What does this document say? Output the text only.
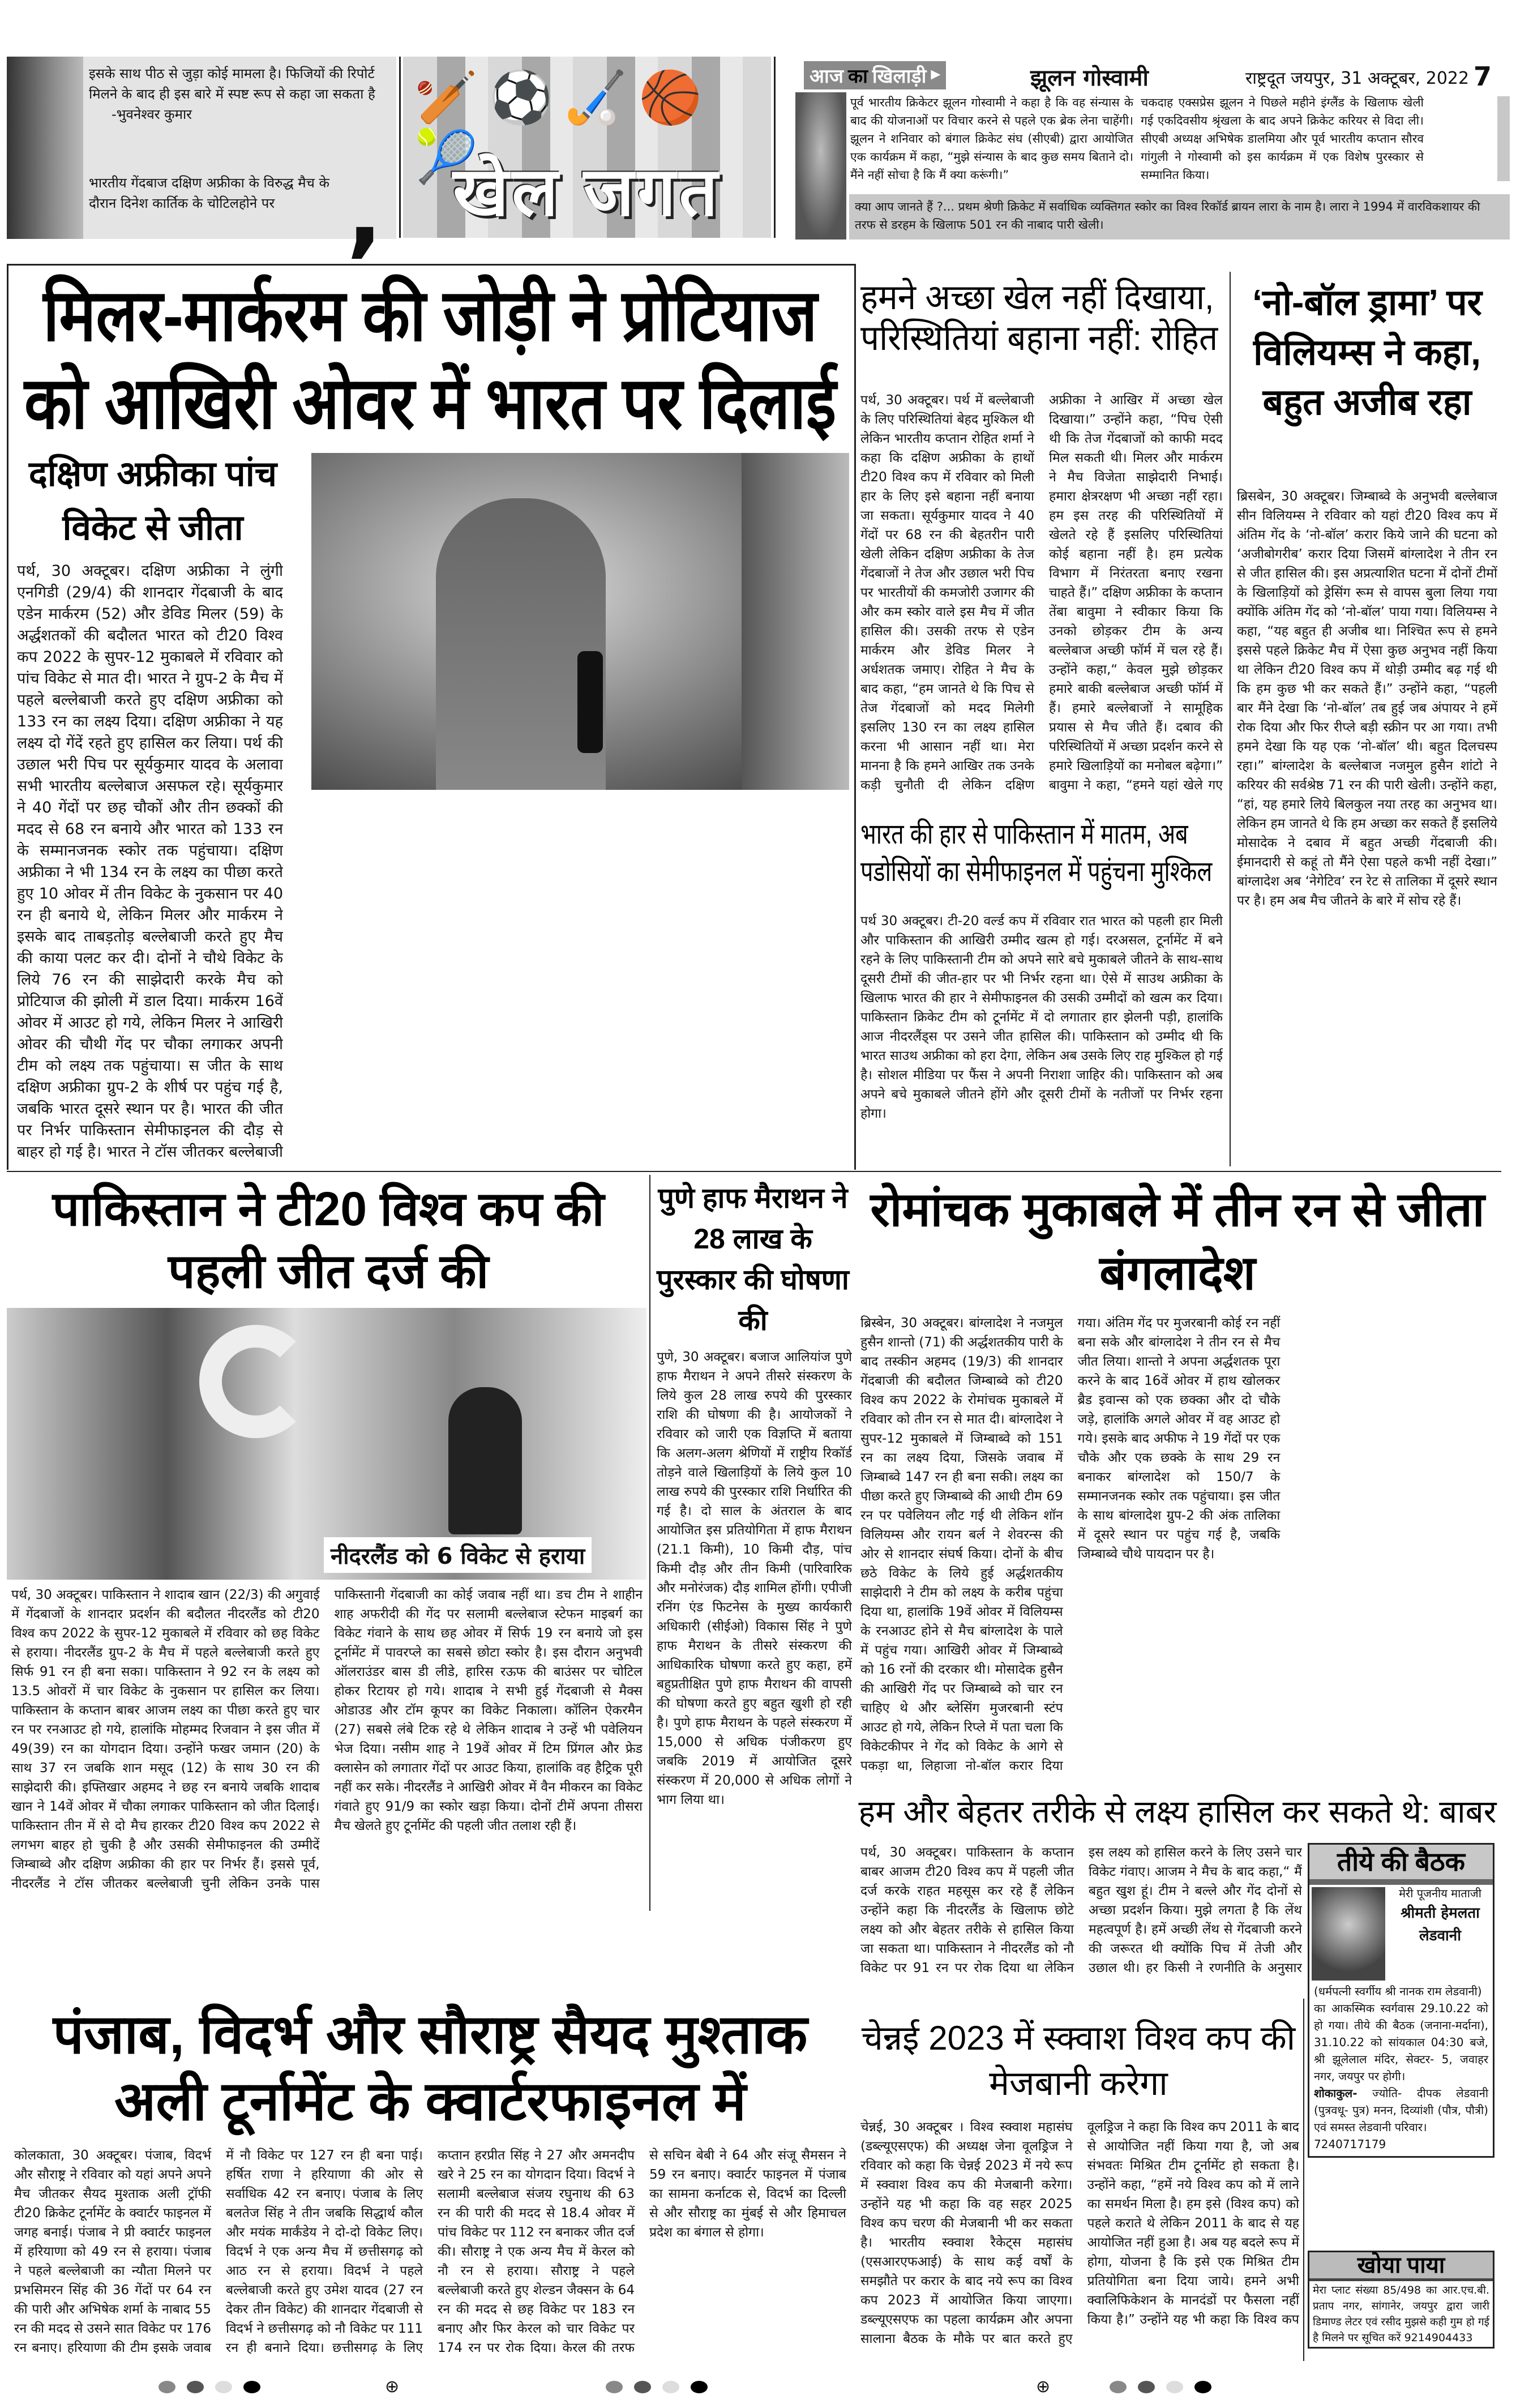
इसके साथ पीठ से जुड़ा कोई मामला है। फिजियों की रिपोर्ट मिलने के बाद ही इस बारे में स्पष्ट रूप से कहा जा सकता है -भुवनेश्वर कुमार
,
भारतीय गेंदबाज दक्षिण अफ्रीका के विरुद्ध मैच के दौरान दिनेश कार्तिक के चोटिलहोने पर
🏏⚽🏑🏀🎾
खेल जगत
आज का खिलाड़ी ▸	झूलन गोस्वामी	राष्ट्रदूत जयपुर, 31 अक्टूबर, 2022 7
पूर्व भारतीय क्रिकेटर झूलन गोस्वामी ने कहा है कि वह संन्यास के बाद की योजनाओं पर विचार करने से पहले एक ब्रेक लेना चाहेंगी। झूलन ने शनिवार को बंगाल क्रिकेट संघ (सीएबी) द्वारा आयोजित एक कार्यक्रम में कहा, “मुझे संन्यास के बाद कुछ समय बिताने दो। मैंने नहीं सोचा है कि मैं क्या करूंगी।”
चकदाह एक्सप्रेस झूलन ने पिछले महीने इंग्लैंड के खिलाफ खेली गई एकदिवसीय श्रृंखला के बाद अपने क्रिकेट करियर से विदा ली। सीएबी अध्यक्ष अभिषेक डालमिया और पूर्व भारतीय कप्तान सौरव गांगुली ने गोस्वामी को इस कार्यक्रम में एक विशेष पुरस्कार से सम्मानित किया।
क्या आप जानते हैं ?... प्रथम श्रेणी क्रिकेट में सर्वाधिक व्यक्तिगत स्कोर का विश्व रिकॉर्ड ब्रायन लारा के नाम है। लारा ने 1994 में वारविकशायर की तरफ से डरहम के खिलाफ 501 रन की नाबाद पारी खेली।
मिलर-मार्करम की जोड़ी ने प्रोटियाज को आखिरी ओवर में भारत पर दिलाई
दक्षिण अफ्रीका पांच विकेट से जीता
पर्थ, 30 अक्टूबर। दक्षिण अफ्रीका ने लुंगी एनगिडी (29/4) की शानदार गेंदबाजी के बाद एडेन मार्करम (52) और डेविड मिलर (59) के अर्द्धशतकों की बदौलत भारत को टी20 विश्व कप 2022 के सुपर-12 मुकाबले में रविवार को पांच विकेट से मात दी। भारत ने ग्रुप-2 के मैच में पहले बल्लेबाजी करते हुए दक्षिण अफ्रीका को 133 रन का लक्ष्य दिया। दक्षिण अफ्रीका ने यह लक्ष्य दो गेंदें रहते हुए हासिल कर लिया। पर्थ की उछाल भरी पिच पर सूर्यकुमार यादव के अलावा सभी भारतीय बल्लेबाज असफल रहे। सूर्यकुमार ने 40 गेंदों पर छह चौकों और तीन छक्कों की मदद से 68 रन बनाये और भारत को 133 रन के सम्मानजनक स्कोर तक पहुंचाया। दक्षिण अफ्रीका ने भी 134 रन के लक्ष्य का पीछा करते हुए 10 ओवर में तीन विकेट के नुकसान पर 40 रन ही बनाये थे, लेकिन मिलर और मार्करम ने इसके बाद ताबड़तोड़ बल्लेबाजी करते हुए मैच की काया पलट कर दी। दोनों ने चौथे विकेट के लिये 76 रन की साझेदारी करके मैच को प्रोटियाज की झोली में डाल दिया। मार्करम 16वें ओवर में आउट हो गये, लेकिन मिलर ने आखिरी ओवर की चौथी गेंद पर चौका लगाकर अपनी टीम को लक्ष्य तक पहुंचाया। स जीत के साथ दक्षिण अफ्रीका ग्रुप-2 के शीर्ष पर पहुंच गई है, जबकि भारत दूसरे स्थान पर है। भारत की जीत पर निर्भर पाकिस्तान सेमीफाइनल की दौड़ से बाहर हो गई है। भारत ने टॉस जीतकर बल्लेबाजी
हमने अच्छा खेल नहीं दिखाया, परिस्थितियां बहाना नहीं: रोहित
पर्थ, 30 अक्टूबर। पर्थ में बल्लेबाजी के लिए परिस्थितियां बेहद मुश्किल थी लेकिन भारतीय कप्तान रोहित शर्मा ने कहा कि दक्षिण अफ्रीका के हाथों टी20 विश्व कप में रविवार को मिली हार के लिए इसे बहाना नहीं बनाया जा सकता। सूर्यकुमार यादव ने 40 गेंदों पर 68 रन की बेहतरीन पारी खेली लेकिन दक्षिण अफ्रीका के तेज गेंदबाजों ने तेज और उछाल भरी पिच पर भारतीयों की कमजोरी उजागर की और कम स्कोर वाले इस मैच में जीत हासिल की। उसकी तरफ से एडेन मार्करम और डेविड मिलर ने अर्धशतक जमाए। रोहित ने मैच के बाद कहा, “हम जानते थे कि पिच से तेज गेंदबाजों को मदद मिलेगी इसलिए 130 रन का लक्ष्य हासिल करना भी आसान नहीं था। मेरा मानना है कि हमने आखिर तक उनके कड़ी चुनौती दी लेकिन दक्षिण अफ्रीका ने आखिर में अच्छा खेल दिखाया।” उन्होंने कहा, “पिच ऐसी थी कि तेज गेंदबाजों को काफी मदद मिल सकती थी। मिलर और मार्करम ने मैच विजेता साझेदारी निभाई। हमारा क्षेत्ररक्षण भी अच्छा नहीं रहा। हम इस तरह की परिस्थितियों में खेलते रहे हैं इसलिए परिस्थितियां कोई बहाना नहीं है। हम प्रत्येक विभाग में निरंतरता बनाए रखना चाहते हैं।” दक्षिण अफ्रीका के कप्तान तेंबा बावुमा ने स्वीकार किया कि उनको छोड़कर टीम के अन्य बल्लेबाज अच्छी फॉर्म में चल रहे हैं। उन्होंने कहा,“ केवल मुझे छोड़कर हमारे बाकी बल्लेबाज अच्छी फॉर्म में हैं। हमारे बल्लेबाजों ने सामूहिक प्रयास से मैच जीते हैं। दबाव की परिस्थितियों में अच्छा प्रदर्शन करने से हमारे खिलाड़ियों का मनोबल बढ़ेगा।” बावुमा ने कहा, “हमने यहां खेले गए
भारत की हार से पाकिस्तान में मातम, अब पडोसियों का सेमीफाइनल में पहुंचना मुश्किल
पर्थ 30 अक्टूबर। टी-20 वर्ल्ड कप में रविवार रात भारत को पहली हार मिली और पाकिस्तान की आखिरी उम्मीद खत्म हो गई। दरअसल, टूर्नामेंट में बने रहने के लिए पाकिस्तानी टीम को अपने सारे बचे मुकाबले जीतने के साथ-साथ दूसरी टीमों की जीत-हार पर भी निर्भर रहना था। ऐसे में साउथ अफ्रीका के खिलाफ भारत की हार ने सेमीफाइनल की उसकी उम्मीदों को खत्म कर दिया। पाकिस्तान क्रिकेट टीम को टूर्नामेंट में दो लगातार हार झेलनी पड़ी, हालांकि आज नीदरलैंड्स पर उसने जीत हासिल की। पाकिस्तान को उम्मीद थी कि भारत साउथ अफ्रीका को हरा देगा, लेकिन अब उसके लिए राह मुश्किल हो गई है। सोशल मीडिया पर फैंस ने अपनी निराशा जाहिर की। पाकिस्तान को अब अपने बचे मुकाबले जीतने होंगे और दूसरी टीमों के नतीजों पर निर्भर रहना होगा।
‘नो-बॉल ड्रामा’ पर विलियम्स ने कहा, बहुत अजीब रहा
ब्रिसबेन, 30 अक्टूबर। जिम्बाब्वे के अनुभवी बल्लेबाज सीन विलियम्स ने रविवार को यहां टी20 विश्व कप में अंतिम गेंद के ‘नो-बॉल’ करार किये जाने की घटना को ‘अजीबोगरीब’ करार दिया जिसमें बांग्लादेश ने तीन रन से जीत हासिल की। इस अप्रत्याशित घटना में दोनों टीमों के खिलाड़ियों को ड्रेसिंग रूम से वापस बुला लिया गया क्योंकि अंतिम गेंद को ‘नो-बॉल’ पाया गया। विलियम्स ने कहा, “यह बहुत ही अजीब था। निश्चित रूप से हमने इससे पहले क्रिकेट मैच में ऐसा कुछ अनुभव नहीं किया था लेकिन टी20 विश्व कप में थोड़ी उम्मीद बढ़ गई थी कि हम कुछ भी कर सकते हैं।” उन्होंने कहा, “पहली बार मैंने देखा कि ‘नो-बॉल’ तब हुई जब अंपायर ने हमें रोक दिया और फिर रीप्ले बड़ी स्क्रीन पर आ गया। तभी हमने देखा कि यह एक ‘नो-बॉल’ थी। बहुत दिलचस्प रहा।” बांग्लादेश के बल्लेबाज नजमुल हुसैन शांटो ने करियर की सर्वश्रेष्ठ 71 रन की पारी खेली। उन्होंने कहा, “हां, यह हमारे लिये बिलकुल नया तरह का अनुभव था। लेकिन हम जानते थे कि हम अच्छा कर सकते हैं इसलिये मोसादेक ने दबाव में बहुत अच्छी गेंदबाजी की। ईमानदारी से कहूं तो मैंने ऐसा पहले कभी नहीं देखा।” बांग्लादेश अब ‘नेगेटिव’ रन रेट से तालिका में दूसरे स्थान पर है। हम अब मैच जीतने के बारे में सोच रहे हैं।
पाकिस्तान ने टी20 विश्व कप की पहली जीत दर्ज की
नीदरलैंड को 6 विकेट से हराया
पर्थ, 30 अक्टूबर। पाकिस्तान ने शादाब खान (22/3) की अगुवाई में गेंदबाजों के शानदार प्रदर्शन की बदौलत नीदरलैंड को टी20 विश्व कप 2022 के सुपर-12 मुकाबले में रविवार को छह विकेट से हराया। नीदरलैंड ग्रुप-2 के मैच में पहले बल्लेबाजी करते हुए सिर्फ 91 रन ही बना सका। पाकिस्तान ने 92 रन के लक्ष्य को 13.5 ओवरों में चार विकेट के नुकसान पर हासिल कर लिया। पाकिस्तान के कप्तान बाबर आजम लक्ष्य का पीछा करते हुए चार रन पर रनआउट हो गये, हालांकि मोहम्मद रिजवान ने इस जीत में 49(39) रन का योगदान दिया। उन्होंने फखर जमान (20) के साथ 37 रन जबकि शान मसूद (12) के साथ 30 रन की साझेदारी की। इफ्तिखार अहमद ने छह रन बनाये जबकि शादाब खान ने 14वें ओवर में चौका लगाकर पाकिस्तान को जीत दिलाई। पाकिस्तान तीन में से दो मैच हारकर टी20 विश्व कप 2022 से लगभग बाहर हो चुकी है और उसकी सेमीफाइनल की उम्मीदें जिम्बाब्वे और दक्षिण अफ्रीका की हार पर निर्भर हैं। इससे पूर्व, नीदरलैंड ने टॉस जीतकर बल्लेबाजी चुनी लेकिन उनके पास पाकिस्तानी गेंदबाजी का कोई जवाब नहीं था। डच टीम ने शाहीन शाह अफरीदी की गेंद पर सलामी बल्लेबाज स्टेफन माइबर्ग का विकेट गंवाने के साथ छह ओवर में सिर्फ 19 रन बनाये जो इस टूर्नामेंट में पावरप्ले का सबसे छोटा स्कोर है। इस दौरान अनुभवी ऑलराउंडर बास डी लीडे, हारिस रऊफ की बाउंसर पर चोटिल होकर रिटायर हो गये। शादाब ने सभी हुई गेंदबाजी से मैक्स ओडाउड और टॉम कूपर का विकेट निकाला। कॉलिन ऐकरमैन (27) सबसे लंबे टिक रहे थे लेकिन शादाब ने उन्हें भी पवेलियन भेज दिया। नसीम शाह ने 19वें ओवर में टिम प्रिंगल और फ्रेड क्लासेन को लगातार गेंदों पर आउट किया, हालांकि वह हैट्रिक पूरी नहीं कर सके। नीदरलैंड ने आखिरी ओवर में वैन मीकरन का विकेट गंवाते हुए 91/9 का स्कोर खड़ा किया। दोनों टीमें अपना तीसरा मैच खेलते हुए टूर्नामेंट की पहली जीत तलाश रही हैं।
पुणे हाफ मैराथन ने 28 लाख के पुरस्कार की घोषणा की
पुणे, 30 अक्टूबर। बजाज आलियांज पुणे हाफ मैराथन ने अपने तीसरे संस्करण के लिये कुल 28 लाख रुपये की पुरस्कार राशि की घोषणा की है। आयोजकों ने रविवार को जारी एक विज्ञप्ति में बताया कि अलग-अलग श्रेणियों में राष्ट्रीय रिकॉर्ड तोड़ने वाले खिलाड़ियों के लिये कुल 10 लाख रुपये की पुरस्कार राशि निर्धारित की गई है। दो साल के अंतराल के बाद आयोजित इस प्रतियोगिता में हाफ मैराथन (21.1 किमी), 10 किमी दौड़, पांच किमी दौड़ और तीन किमी (पारिवारिक और मनोरंजक) दौड़ शामिल होंगी। एपीजी रनिंग एंड फिटनेस के मुख्य कार्यकारी अधिकारी (सीईओ) विकास सिंह ने पुणे हाफ मैराथन के तीसरे संस्करण की आधिकारिक घोषणा करते हुए कहा, हमें बहुप्रतीक्षित पुणे हाफ मैराथन की वापसी की घोषणा करते हुए बहुत खुशी हो रही है। पुणे हाफ मैराथन के पहले संस्करण में 15,000 से अधिक पंजीकरण हुए जबकि 2019 में आयोजित दूसरे संस्करण में 20,000 से अधिक लोगों ने भाग लिया था।
रोमांचक मुकाबले में तीन रन से जीता बंगलादेश
ब्रिस्बेन, 30 अक्टूबर। बांग्लादेश ने नजमुल हुसैन शान्तो (71) की अर्द्धशतकीय पारी के बाद तस्कीन अहमद (19/3) की शानदार गेंदबाजी की बदौलत जिम्बाब्वे को टी20 विश्व कप 2022 के रोमांचक मुकाबले में रविवार को तीन रन से मात दी। बांग्लादेश ने सुपर-12 मुकाबले में जिम्बाब्वे को 151 रन का लक्ष्य दिया, जिसके जवाब में जिम्बाब्वे 147 रन ही बना सकी। लक्ष्य का पीछा करते हुए जिम्बाब्वे की आधी टीम 69 रन पर पवेलियन लौट गई थी लेकिन शॉन विलियम्स और रायन बर्ल ने शेवरन्स की ओर से शानदार संघर्ष किया। दोनों के बीच छठे विकेट के लिये हुई अर्द्धशतकीय साझेदारी ने टीम को लक्ष्य के करीब पहुंचा दिया था, हालांकि 19वें ओवर में विलियम्स के रनआउट होने से मैच बांग्लादेश के पाले में पहुंच गया। आखिरी ओवर में जिम्बाब्वे को 16 रनों की दरकार थी। मोसादेक हुसैन की आखिरी गेंद पर जिम्बाब्वे को चार रन चाहिए थे और ब्लेसिंग मुजरबानी स्टंप आउट हो गये, लेकिन रिप्ले में पता चला कि विकेटकीपर ने गेंद को विकेट के आगे से पकड़ा था, लिहाजा नो-बॉल करार दिया गया। अंतिम गेंद पर मुजरबानी कोई रन नहीं बना सके और बांग्लादेश ने तीन रन से मैच जीत लिया। शान्तो ने अपना अर्द्धशतक पूरा करने के बाद 16वें ओवर में हाथ खोलकर ब्रैड इवान्स को एक छक्का और दो चौके जड़े, हालांकि अगले ओवर में वह आउट हो गये। इसके बाद अफीफ ने 19 गेंदों पर एक चौके और एक छक्के के साथ 29 रन बनाकर बांग्लादेश को 150/7 के सम्मानजनक स्कोर तक पहुंचाया। इस जीत के साथ बांग्लादेश ग्रुप-2 की अंक तालिका में दूसरे स्थान पर पहुंच गई है, जबकि जिम्बाब्वे चौथे पायदान पर है।
हम और बेहतर तरीके से लक्ष्य हासिल कर सकते थे: बाबर
पर्थ, 30 अक्टूबर। पाकिस्तान के कप्तान बाबर आजम टी20 विश्व कप में पहली जीत दर्ज करके राहत महसूस कर रहे हैं लेकिन उन्होंने कहा कि नीदरलैंड के खिलाफ छोटे लक्ष्य को और बेहतर तरीके से हासिल किया जा सकता था। पाकिस्तान ने नीदरलैंड को नौ विकेट पर 91 रन पर रोक दिया था लेकिन इस लक्ष्य को हासिल करने के लिए उसने चार विकेट गंवाए। आजम ने मैच के बाद कहा,“ मैं बहुत खुश हूं। टीम ने बल्ले और गेंद दोनों से अच्छा प्रदर्शन किया। मुझे लगता है कि लेंथ महत्वपूर्ण है। हमें अच्छी लेंथ से गेंदबाजी करने की जरूरत थी क्योंकि पिच में तेजी और उछाल थी। हर किसी ने रणनीति के अनुसार
तीये की बैठक
मेरी पूजनीय माताजी
श्रीमती हेमलता लेडवानी
(धर्मपत्नी स्वर्गीय श्री नानक राम लेडवानी)
का आकस्मिक स्वर्गवास 29.10.22 को हो गया। तीये की बैठक (जनाना-मर्दाना), 31.10.22 को सांयकाल 04:30 बजे, श्री झूलेलाल मंदिर, सेक्टर- 5, जवाहर नगर, जयपुर पर होगी।
शोकाकुल- ज्योति- दीपक लेडवानी (पुत्रवधू- पुत्र) मनन, दिव्यांशी (पौत्र, पौत्री) एवं समस्त लेडवानी परिवार।
7240717179
खोया पाया
मेरा प्लाट संख्या 85/498 का आर.एच.बी. प्रताप नगर, सांगानेर, जयपुर द्वारा जारी डिमाण्ड लेटर एवं रसीद मुझसे कही गुम हो गई है मिलने पर सूचित करें 9214904433
पंजाब, विदर्भ और सौराष्ट्र सैयद मुश्ताक अली टूर्नामेंट के क्वार्टरफाइनल में
कोलकाता, 30 अक्टूबर। पंजाब, विदर्भ और सौराष्ट्र ने रविवार को यहां अपने अपने मैच जीतकर सैयद मुश्ताक अली ट्रॉफी टी20 क्रिकेट टूर्नामेंट के क्वार्टर फाइनल में जगह बनाई। पंजाब ने प्री क्वार्टर फाइनल में हरियाणा को 49 रन से हराया। पंजाब ने पहले बल्लेबाजी का न्यौता मिलने पर प्रभसिमरन सिंह की 36 गेंदों पर 64 रन की पारी और अभिषेक शर्मा के नाबाद 55 रन की मदद से उसने सात विकेट पर 176 रन बनाए। हरियाणा की टीम इसके जवाब में नौ विकेट पर 127 रन ही बना पाई। हर्षित राणा ने हरियाणा की ओर से सर्वाधिक 42 रन बनाए। पंजाब के लिए बलतेज सिंह ने तीन जबकि सिद्धार्थ कौल और मयंक मार्कंडेय ने दो-दो विकेट लिए। विदर्भ ने एक अन्य मैच में छत्तीसगढ़ को आठ रन से हराया। विदर्भ ने पहले बल्लेबाजी करते हुए उमेश यादव (27 रन देकर तीन विकेट) की शानदार गेंदबाजी से विदर्भ ने छत्तीसगढ़ को नौ विकेट पर 111 रन ही बनाने दिया। छत्तीसगढ़ के लिए कप्तान हरप्रीत सिंह ने 27 और अमनदीप खरे ने 25 रन का योगदान दिया। विदर्भ ने सलामी बल्लेबाज संजय रघुनाथ की 63 रन की पारी की मदद से 18.4 ओवर में पांच विकेट पर 112 रन बनाकर जीत दर्ज की। सौराष्ट्र ने एक अन्य मैच में केरल को नौ रन से हराया। सौराष्ट्र ने पहले बल्लेबाजी करते हुए शेल्डन जैक्सन के 64 रन की मदद से छह विकेट पर 183 रन बनाए और फिर केरल को चार विकेट पर 174 रन पर रोक दिया। केरल की तरफ से सचिन बेबी ने 64 और संजू सैमसन ने 59 रन बनाए। क्वार्टर फाइनल में पंजाब का सामना कर्नाटक से, विदर्भ का दिल्ली से और सौराष्ट्र का मुंबई से और हिमाचल प्रदेश का बंगाल से होगा।
चेन्नई 2023 में स्क्वाश विश्व कप की मेजबानी करेगा
चेन्नई, 30 अक्टूबर । विश्व स्क्वाश महासंघ (डब्ल्यूएसएफ) की अध्यक्ष जेना वूलड्रिज ने रविवार को कहा कि चेन्नई 2023 में नये रूप में स्क्वाश विश्व कप की मेजबानी करेगा। उन्होंने यह भी कहा कि वह सहर 2025 विश्व कप चरण की मेजबानी भी कर सकता है। भारतीय स्क्वाश रैकेट्स महासंघ (एसआरएफआई) के साथ कई वर्षों के समझौते पर करार के बाद नये रूप का विश्व कप 2023 में आयोजित किया जाएगा। डब्ल्यूएसएफ का पहला कार्यक्रम और अपना सालाना बैठक के मौके पर बात करते हुए वूलड्रिज ने कहा कि विश्व कप 2011 के बाद से आयोजित नहीं किया गया है, जो अब संभवतः मिश्रित टीम टूर्नामेंट हो सकता है। उन्होंने कहा, “हमें नये विश्व कप को में लाने का समर्थन मिला है। हम इसे (विश्व कप) को पहले कराते थे लेकिन 2011 के बाद से यह आयोजित नहीं हुआ है। अब यह बदले रूप में होगा, योजना है कि इसे एक मिश्रित टीम प्रतियोगिता बना दिया जाये। हमने अभी क्वालिफिकेशन के मानदंडों पर फैसला नहीं किया है।” उन्होंने यह भी कहा कि विश्व कप
⊕	⊕
